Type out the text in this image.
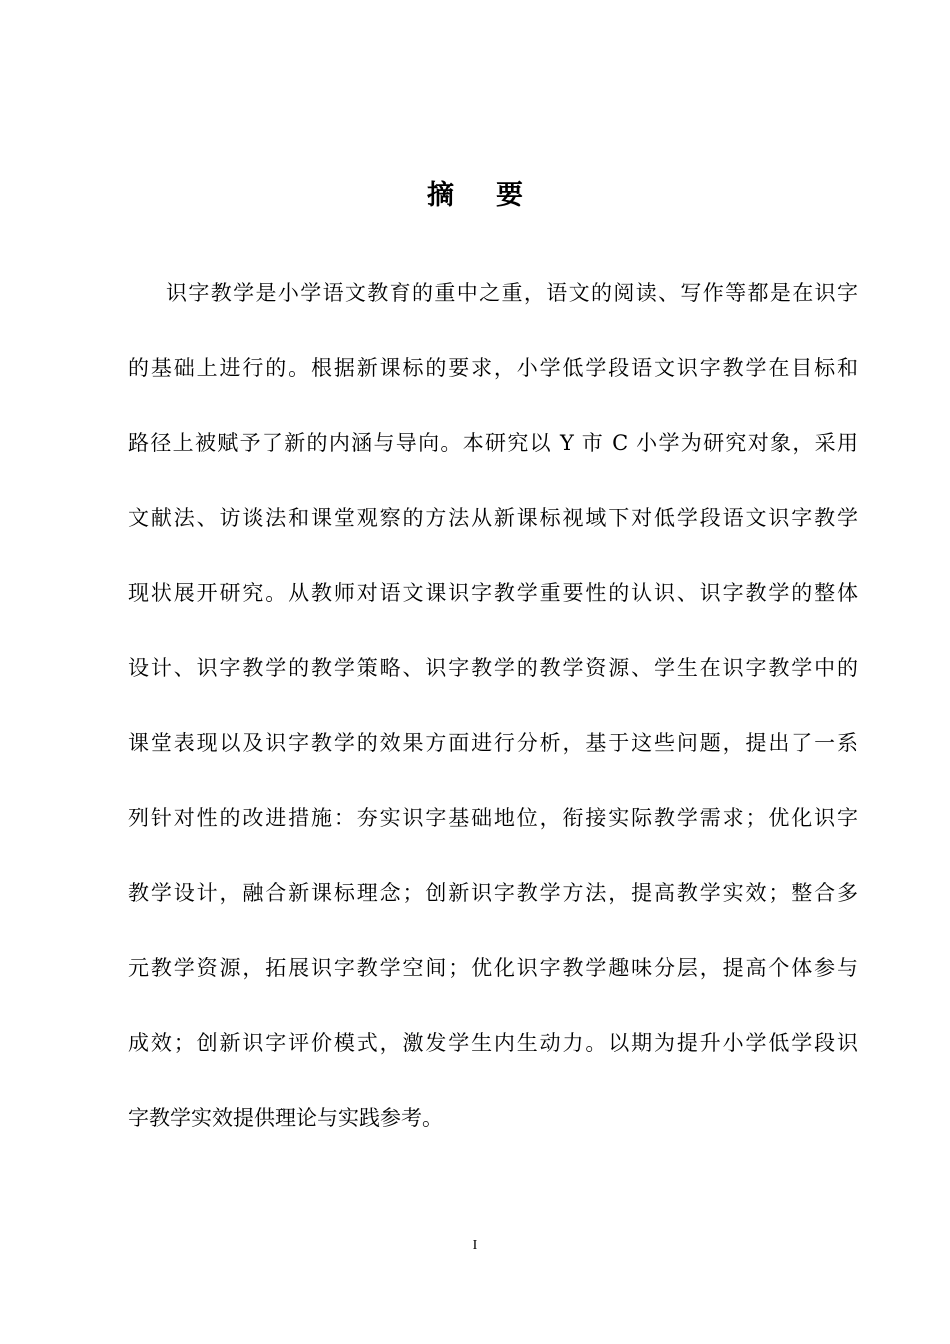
摘 要
识字教学是小学语文教育的重中之重，语文的阅读、写作等都是在识字
的基础上进行的。根据新课标的要求，小学低学段语文识字教学在目标和
路径上被赋予了新的内涵与导向。本研究以 Y 市 C 小学为研究对象，采用
文献法、访谈法和课堂观察的方法从新课标视域下对低学段语文识字教学
现状展开研究。从教师对语文课识字教学重要性的认识、识字教学的整体
设计、识字教学的教学策略、识字教学的教学资源、学生在识字教学中的
课堂表现以及识字教学的效果方面进行分析，基于这些问题，提出了一系
列针对性的改进措施：夯实识字基础地位，衔接实际教学需求；优化识字
教学设计，融合新课标理念；创新识字教学方法，提高教学实效；整合多
元教学资源，拓展识字教学空间；优化识字教学趣味分层，提高个体参与
成效；创新识字评价模式，激发学生内生动力。以期为提升小学低学段识
字教学实效提供理论与实践参考。
I
